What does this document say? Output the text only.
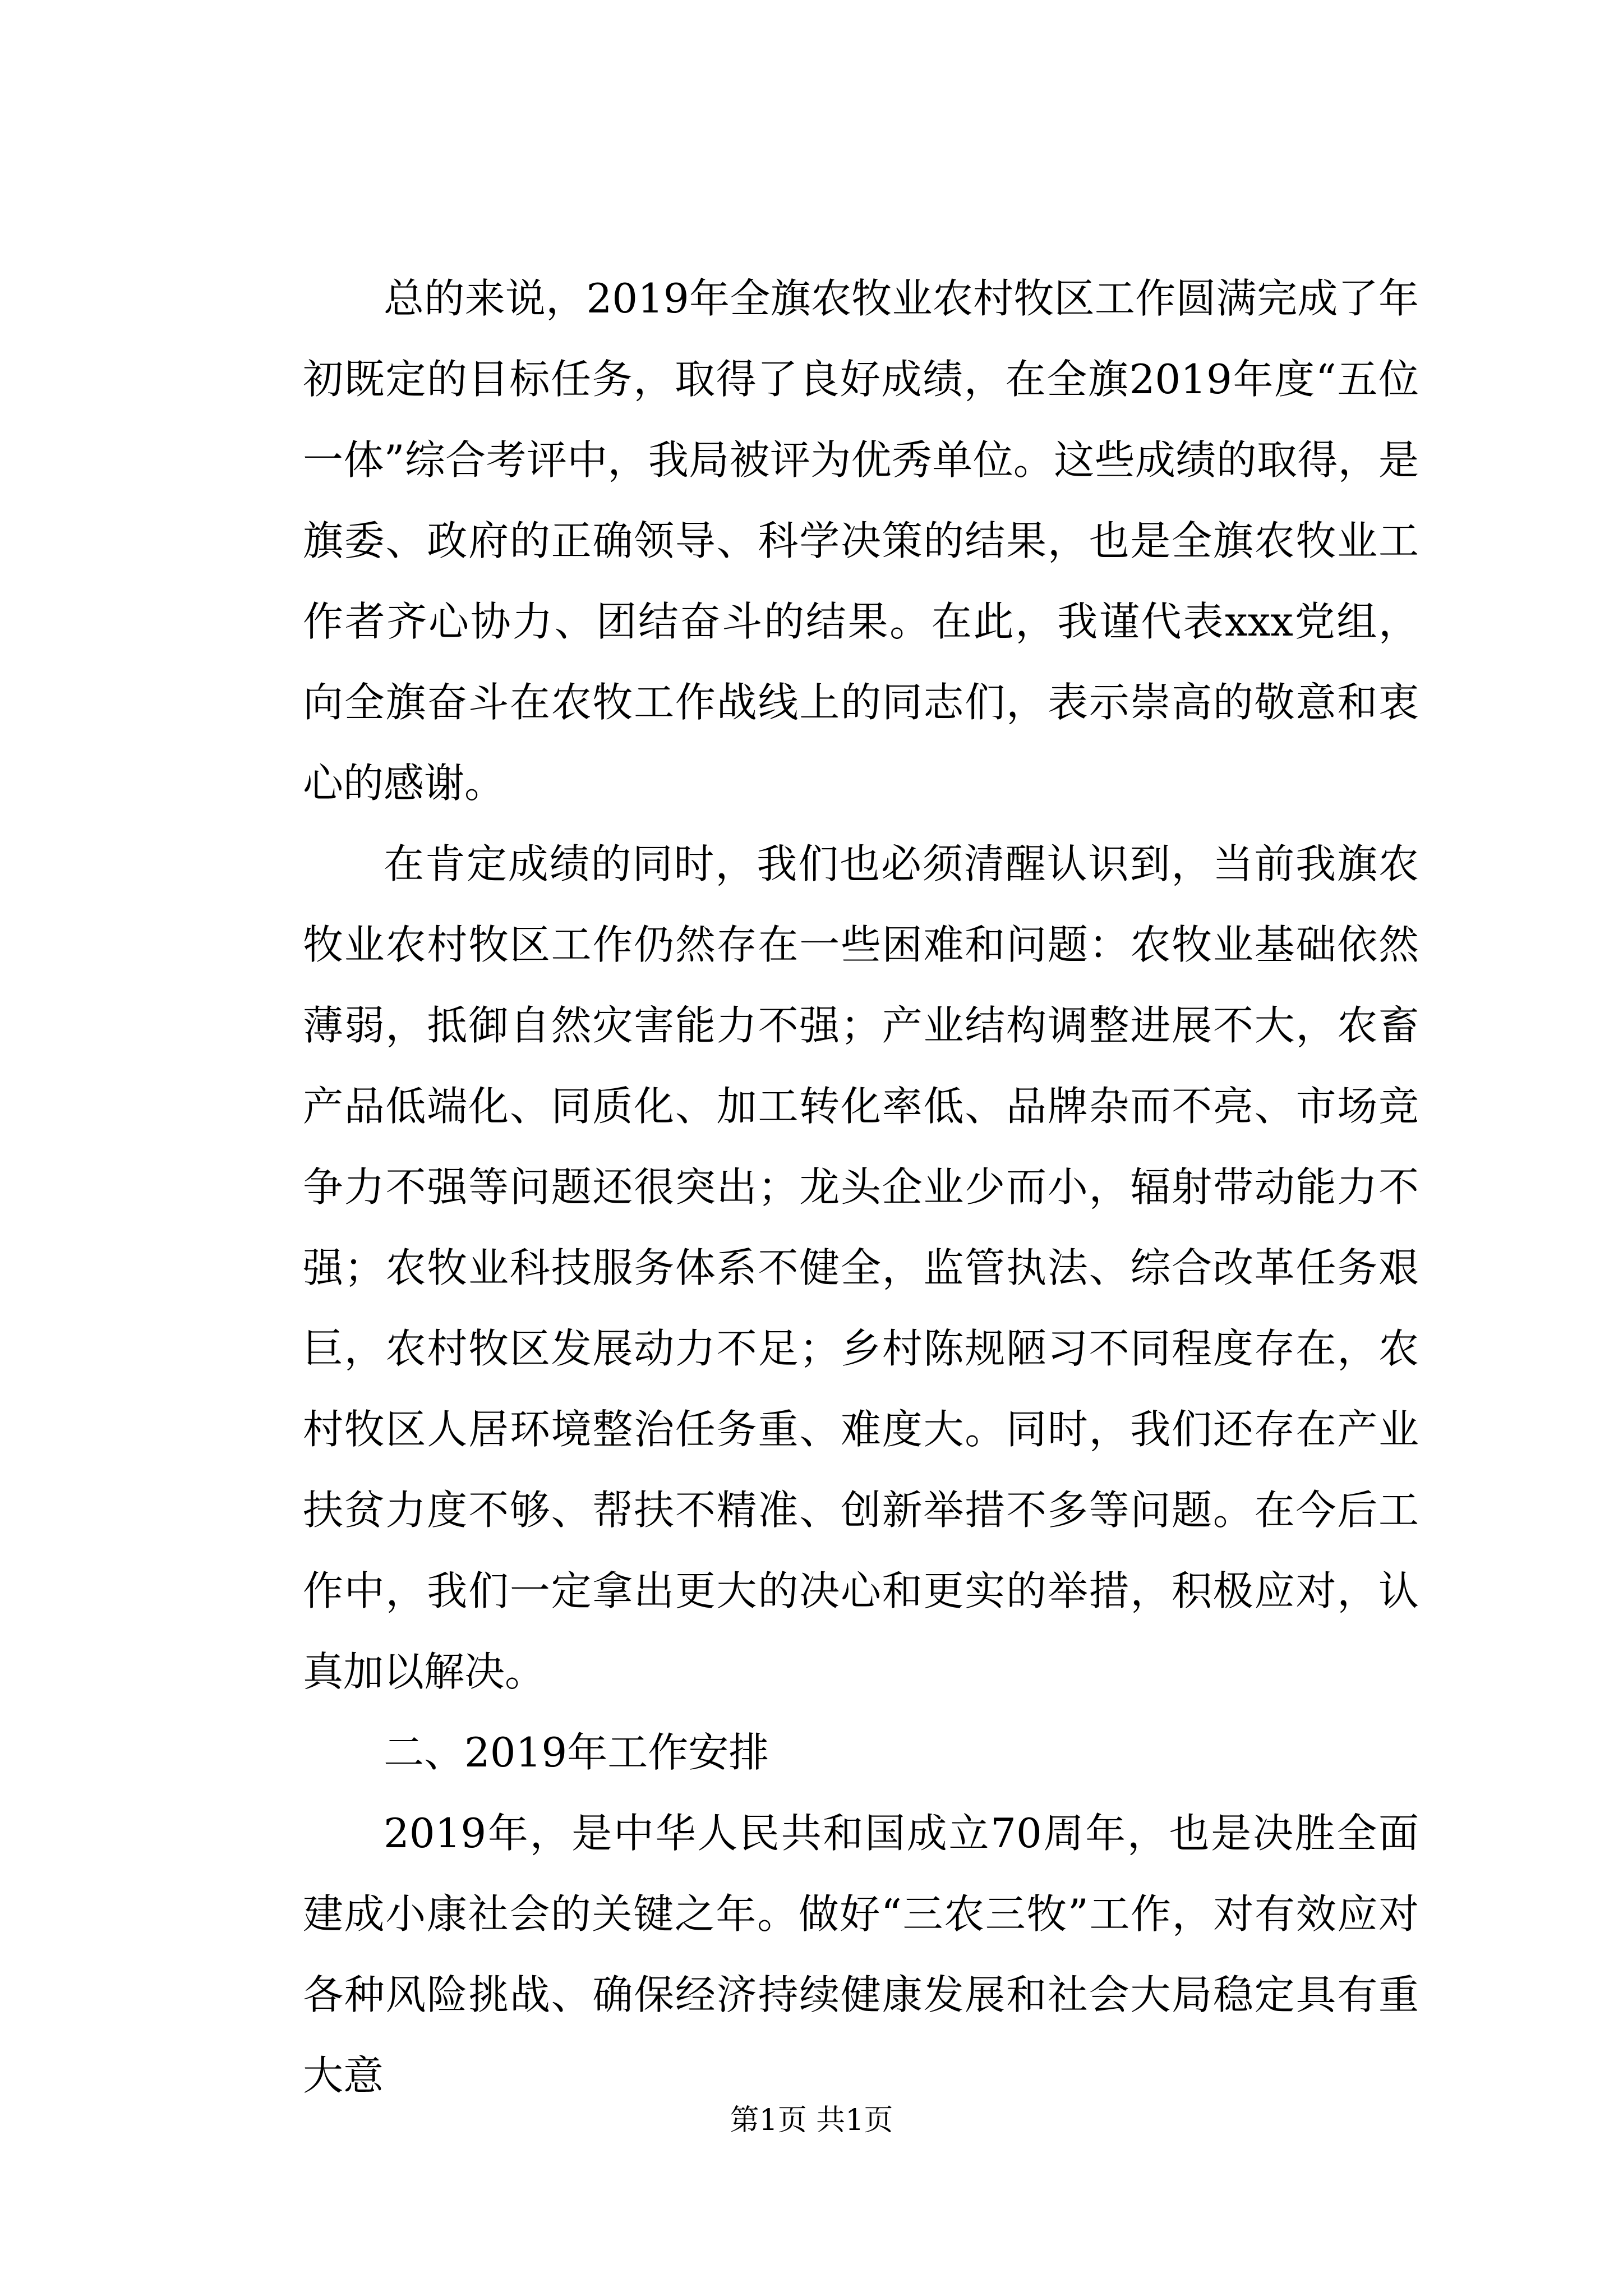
总的来说，2019年全旗农牧业农村牧区工作圆满完成了年初既定的目标任务，取得了良好成绩，在全旗2019年度“五位一体”综合考评中，我局被评为优秀单位。这些成绩的取得，是旗委、政府的正确领导、科学决策的结果，也是全旗农牧业工作者齐心协力、团结奋斗的结果。在此，我谨代表xxx党组，向全旗奋斗在农牧工作战线上的同志们，表示崇高的敬意和衷心的感谢。

在肯定成绩的同时，我们也必须清醒认识到，当前我旗农牧业农村牧区工作仍然存在一些困难和问题：农牧业基础依然薄弱，抵御自然灾害能力不强；产业结构调整进展不大，农畜产品低端化、同质化、加工转化率低、品牌杂而不亮、市场竞争力不强等问题还很突出；龙头企业少而小，辐射带动能力不强；农牧业科技服务体系不健全，监管执法、综合改革任务艰巨，农村牧区发展动力不足；乡村陈规陋习不同程度存在，农村牧区人居环境整治任务重、难度大。同时，我们还存在产业扶贫力度不够、帮扶不精准、创新举措不多等问题。在今后工作中，我们一定拿出更大的决心和更实的举措，积极应对，认真加以解决。

二、2019年工作安排

2019年，是中华人民共和国成立70周年，也是决胜全面建成小康社会的关键之年。做好“三农三牧”工作，对有效应对各种风险挑战、确保经济持续健康发展和社会大局稳定具有重大意

第1页 共1页
